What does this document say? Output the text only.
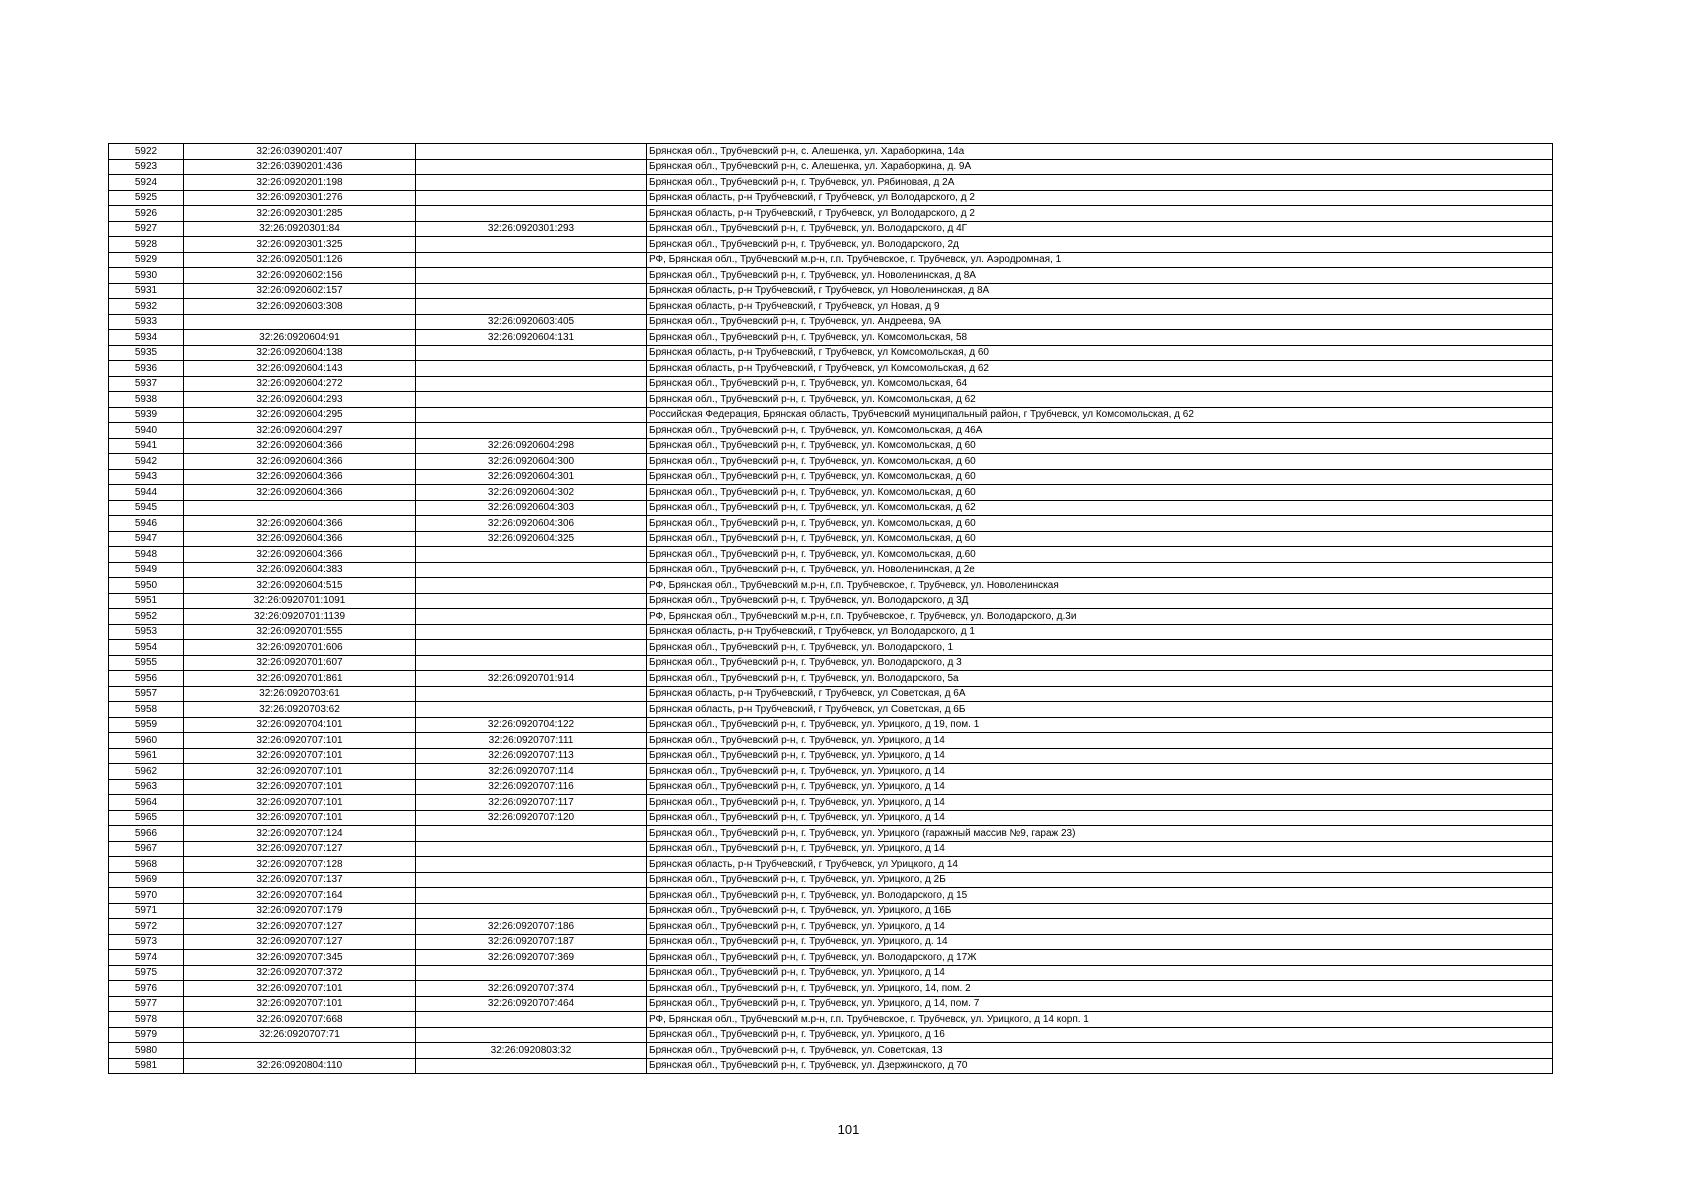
5922	32:26:0390201:407		Брянская обл., Трубчевский р-н, с. Алешенка, ул. Хараборкина, 14а
5923	32:26:0390201:436		Брянская обл., Трубчевский р-н, с. Алешенка, ул. Хараборкина, д. 9А
5924	32:26:0920201:198		Брянская обл., Трубчевский р-н, г. Трубчевск, ул. Рябиновая, д 2А
5925	32:26:0920301:276		Брянская область, р-н Трубчевский, г Трубчевск, ул Володарского, д 2
5926	32:26:0920301:285		Брянская область, р-н Трубчевский, г Трубчевск, ул Володарского, д 2
5927	32:26:0920301:84	32:26:0920301:293	Брянская обл., Трубчевский р-н, г. Трубчевск, ул. Володарского, д 4Г
5928	32:26:0920301:325		Брянская обл., Трубчевский р-н, г. Трубчевск, ул. Володарского, 2д
5929	32:26:0920501:126		РФ, Брянская обл., Трубчевский м.р-н, г.п. Трубчевское, г. Трубчевск, ул. Аэродромная, 1
5930	32:26:0920602:156		Брянская обл., Трубчевский р-н, г. Трубчевск, ул. Новоленинская, д 8А
5931	32:26:0920602:157		Брянская область, р-н Трубчевский, г Трубчевск, ул Новоленинская, д 8А
5932	32:26:0920603:308		Брянская область, р-н Трубчевский, г Трубчевск, ул Новая, д 9
5933		32:26:0920603:405	Брянская обл., Трубчевский р-н, г. Трубчевск, ул. Андреева, 9А
5934	32:26:0920604:91	32:26:0920604:131	Брянская обл., Трубчевский р-н, г. Трубчевск, ул. Комсомольская, 58
5935	32:26:0920604:138		Брянская область, р-н Трубчевский, г Трубчевск, ул Комсомольская, д 60
5936	32:26:0920604:143		Брянская область, р-н Трубчевский, г Трубчевск, ул Комсомольская, д 62
5937	32:26:0920604:272		Брянская обл., Трубчевский р-н, г. Трубчевск, ул. Комсомольская, 64
5938	32:26:0920604:293		Брянская обл., Трубчевский р-н, г. Трубчевск, ул. Комсомольская, д 62
5939	32:26:0920604:295		Российская Федерация, Брянская область, Трубчевский муниципальный район, г Трубчевск, ул Комсомольская, д 62
5940	32:26:0920604:297		Брянская обл., Трубчевский р-н, г. Трубчевск, ул. Комсомольская, д 46А
5941	32:26:0920604:366	32:26:0920604:298	Брянская обл., Трубчевский р-н, г. Трубчевск, ул. Комсомольская, д 60
5942	32:26:0920604:366	32:26:0920604:300	Брянская обл., Трубчевский р-н, г. Трубчевск, ул. Комсомольская, д 60
5943	32:26:0920604:366	32:26:0920604:301	Брянская обл., Трубчевский р-н, г. Трубчевск, ул. Комсомольская, д 60
5944	32:26:0920604:366	32:26:0920604:302	Брянская обл., Трубчевский р-н, г. Трубчевск, ул. Комсомольская, д 60
5945		32:26:0920604:303	Брянская обл., Трубчевский р-н, г. Трубчевск, ул. Комсомольская, д 62
5946	32:26:0920604:366	32:26:0920604:306	Брянская обл., Трубчевский р-н, г. Трубчевск, ул. Комсомольская, д 60
5947	32:26:0920604:366	32:26:0920604:325	Брянская обл., Трубчевский р-н, г. Трубчевск, ул. Комсомольская, д 60
5948	32:26:0920604:366		Брянская обл., Трубчевский р-н, г. Трубчевск, ул. Комсомольская, д.60
5949	32:26:0920604:383		Брянская обл., Трубчевский р-н, г. Трубчевск, ул. Новоленинская, д 2е
5950	32:26:0920604:515		РФ, Брянская обл., Трубчевский м.р-н, г.п. Трубчевское, г. Трубчевск, ул. Новоленинская
5951	32:26:0920701:1091		Брянская обл., Трубчевский р-н, г. Трубчевск, ул. Володарского, д 3Д
5952	32:26:0920701:1139		РФ, Брянская обл., Трубчевский м.р-н, г.п. Трубчевское, г. Трубчевск, ул. Володарского, д.3и
5953	32:26:0920701:555		Брянская область, р-н Трубчевский, г Трубчевск, ул Володарского, д 1
5954	32:26:0920701:606		Брянская обл., Трубчевский р-н, г. Трубчевск, ул. Володарского, 1
5955	32:26:0920701:607		Брянская обл., Трубчевский р-н, г. Трубчевск, ул. Володарского, д 3
5956	32:26:0920701:861	32:26:0920701:914	Брянская обл., Трубчевский р-н, г. Трубчевск, ул. Володарского, 5а
5957	32:26:0920703:61		Брянская область, р-н Трубчевский, г Трубчевск, ул Советская, д 6А
5958	32:26:0920703:62		Брянская область, р-н Трубчевский, г Трубчевск, ул Советская, д 6Б
5959	32:26:0920704:101	32:26:0920704:122	Брянская обл., Трубчевский р-н, г. Трубчевск, ул. Урицкого, д 19, пом. 1
5960	32:26:0920707:101	32:26:0920707:111	Брянская обл., Трубчевский р-н, г. Трубчевск, ул. Урицкого, д 14
5961	32:26:0920707:101	32:26:0920707:113	Брянская обл., Трубчевский р-н, г. Трубчевск, ул. Урицкого, д 14
5962	32:26:0920707:101	32:26:0920707:114	Брянская обл., Трубчевский р-н, г. Трубчевск, ул. Урицкого, д 14
5963	32:26:0920707:101	32:26:0920707:116	Брянская обл., Трубчевский р-н, г. Трубчевск, ул. Урицкого, д 14
5964	32:26:0920707:101	32:26:0920707:117	Брянская обл., Трубчевский р-н, г. Трубчевск, ул. Урицкого, д 14
5965	32:26:0920707:101	32:26:0920707:120	Брянская обл., Трубчевский р-н, г. Трубчевск, ул. Урицкого, д 14
5966	32:26:0920707:124		Брянская обл., Трубчевский р-н, г. Трубчевск, ул. Урицкого (гаражный массив №9, гараж 23)
5967	32:26:0920707:127		Брянская обл., Трубчевский р-н, г. Трубчевск, ул. Урицкого, д 14
5968	32:26:0920707:128		Брянская область, р-н Трубчевский, г Трубчевск, ул Урицкого, д 14
5969	32:26:0920707:137		Брянская обл., Трубчевский р-н, г. Трубчевск, ул. Урицкого, д 2Б
5970	32:26:0920707:164		Брянская обл., Трубчевский р-н, г. Трубчевск, ул. Володарского, д 15
5971	32:26:0920707:179		Брянская обл., Трубчевский р-н, г. Трубчевск, ул. Урицкого, д 16Б
5972	32:26:0920707:127	32:26:0920707:186	Брянская обл., Трубчевский р-н, г. Трубчевск, ул. Урицкого, д 14
5973	32:26:0920707:127	32:26:0920707:187	Брянская обл., Трубчевский р-н, г. Трубчевск, ул. Урицкого, д. 14
5974	32:26:0920707:345	32:26:0920707:369	Брянская обл., Трубчевский р-н, г. Трубчевск, ул. Володарского, д 17Ж
5975	32:26:0920707:372		Брянская обл., Трубчевский р-н, г. Трубчевск, ул. Урицкого, д 14
5976	32:26:0920707:101	32:26:0920707:374	Брянская обл., Трубчевский р-н, г. Трубчевск, ул. Урицкого, 14, пом. 2
5977	32:26:0920707:101	32:26:0920707:464	Брянская обл., Трубчевский р-н, г. Трубчевск, ул. Урицкого, д 14, пом. 7
5978	32:26:0920707:668		РФ, Брянская обл., Трубчевский м.р-н, г.п. Трубчевское, г. Трубчевск, ул. Урицкого, д 14 корп. 1
5979	32:26:0920707:71		Брянская обл., Трубчевский р-н, г. Трубчевск, ул. Урицкого, д 16
5980		32:26:0920803:32	Брянская обл., Трубчевский р-н, г. Трубчевск, ул. Советская, 13
5981	32:26:0920804:110		Брянская обл., Трубчевский р-н, г. Трубчевск, ул. Дзержинского, д 70
101
